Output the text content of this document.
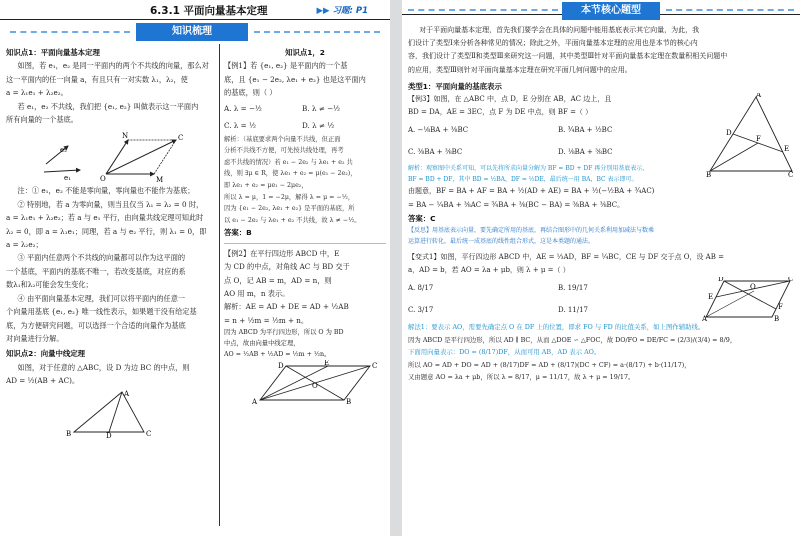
6.3.1 平面向量基本定理	▶▶ 习题: P1
知识梳理

知识点1：平面向量基本定理

如图，若 e₁，e₂ 是同一平面内的两个不共线的向量，那么对

这一平面内的任一向量 a，有且只有一对实数 λ₁，λ₂，使

a = λ₁e₁ + λ₂e₂。

若 e₁，e₂ 不共线，我们把 {e₁, e₂} 叫做表示这一平面内

所有向量的一个基底。

e₂
e₁	O
C
M
N

注：① e₁，e₂ 不能是零向量，零向量也不能作为基底；

② 特别地，若 a 为零向量，则当且仅当 λ₁ = λ₂ = 0 时，

a = λ₁e₁ + λ₂e₂；若 a 与 e₁ 平行，由向量共线定理可知此时

λ₂ = 0，即 a = λ₁e₁；同理，若 a 与 e₂ 平行，则 λ₁ = 0，即

a = λ₂e₂；

③ 平面内任意两个不共线的向量都可以作为这平面的

一个基底，平面内的基底不唯一，若改变基底，对应的系

数λ₁和λ₂可能会发生变化；

④ 由平面向量基本定理，我们可以将平面内的任意一

个向量用基底 {e₁, e₂} 唯一线性表示，如果题干没有给定基

底，为方便研究问题，可以选择一个合适的向量作为基底

对向量进行分解。

知识点2：向量中线定理

如图，对于任意的 △ABC，设 D 为边 BC 的中点，则

AD = ½(AB + AC)。

B
A
C
D

知识点1，2

【例1】若 {e₁, e₂} 是平面内的一个基

底，且 {e₁ − 2e₂, λe₁ + e₂} 也是这平面内

的基底，则（ ）

A. λ = −½	B. λ ≠ −½

C. λ = ½	D. λ ≠ ½

解析：（基底要求两个向量不共线，但正面

分析不共线不方便，可先按共线处理，再考

虑不共线的情况）若 e₁ − 2e₂ 与 λe₁ + e₂ 共

线，则 ∃μ ∈ R，使 λe₁ + e₂ = μ(e₁ − 2e₂)，

即 λe₁ + e₂ = μe₁ − 2μe₂，

所以 λ = μ，1 = −2μ，解得 λ = μ = −½，

因为 {e₁ − 2e₂, λe₁ + e₂} 是平面的基底，所

以 e₁ − 2e₂ 与 λe₁ + e₂ 不共线，故 λ ≠ −½。

答案：B

【例2】在平行四边形 ABCD 中，E

为 CD 的中点，对角线 AC 与 BD 交于

点 O，记 AB = m，AD = n，则

AO 用 m，n 表示。

解析：AE = AD + DE = AD + ½AB

= n + ½m = ½m + n。

因为 ABCD 为平行四边形，所以 O 为 BD

中点，故由向量中线定理，

AO = ½AB + ½AD = ½m + ½n。

A	B
C
D	E
O
本节核心题型

对于平面向量基本定理，首先我们要学会在具体的问题中能用基底表示其它向量，为此，我

们设计了类型Ⅰ来分析各种常见的情况；除此之外，平面向量基本定理的应用也是本节的核心内

容，我们设计了类型Ⅱ和类型Ⅲ来研究这一问题，其中类型Ⅲ针对平面向量基本定理在数量积相关问题中

的应用，类型Ⅲ则针对平面向量基本定理在研究平面几何问题中的应用。

类型1：平面向量的基底表示

【例3】如图，在 △ABC 中，点 D，E 分别在 AB，AC 边上，且

BD = DA，AE = 3EC，点 F 为 DE 中点，则 BF =（ ）

A. −⅛BA + ⅜BC	B. ¾BA + ½BC

C. ⅜BA + ⅜BC	D. ⅛BA + ⅜BC

B
A
C
D
E
F

解析：观察图中关系可知，可以先将所求向量分解为 BF = BD + DF 再分别用基底表示，

BF = BD + DF，其中 BD = ½BA，DF = ½DE，最后统一用 BA，BC 表示即可。

由题意，BF = BA + AF = BA + ½(AD + AE) = BA + ½(−½BA + ¾AC)

= BA − ¼BA + ⅜AC = ¾BA + ⅜(BC − BA) = ⅜BA + ⅜BC。

答案：C

【反思】用基底表示向量，要先确定所用的基底，再结合图形中的几何关系利用加减法与数乘

运算进行转化，最后统一成基底的线性组合形式，这是本类题的通法。

【变式1】如图，平行四边形 ABCD 中，AE = ⅓AD，BF = ¼BC，CE 与 DF 交于点 O，设 AB =

a，AD = b，若 AO = λa + μb，则 λ + μ =（ ）

A. 8/17	B. 19/17

C. 3/17	D. 11/17

A	B
C
D
E
F
O

解法1：要表示 AO，需要先确定点 O 在 DF 上的位置，即求 FO 与 FD 的比值关系，如上图作辅助线。

因为 ABCD 是平行四边形，所以 AD ∥ BC，从而 △DOE ∽ △FOC，故 DO/FO = DE/FC = (2/3)/(3/4) = 8/9，

下面用向量表示：DO = (8/17)DF，从而可用 AB，AD 表示 AO。

所以 AO = AD + DO = AD + (8/17)DF = AD + (8/17)(DC + CF) = a·(8/17) + b·(11/17)，

又由题意 AO = λa + μb，所以 λ = 8/17，μ = 11/17，故 λ + μ = 19/17。
